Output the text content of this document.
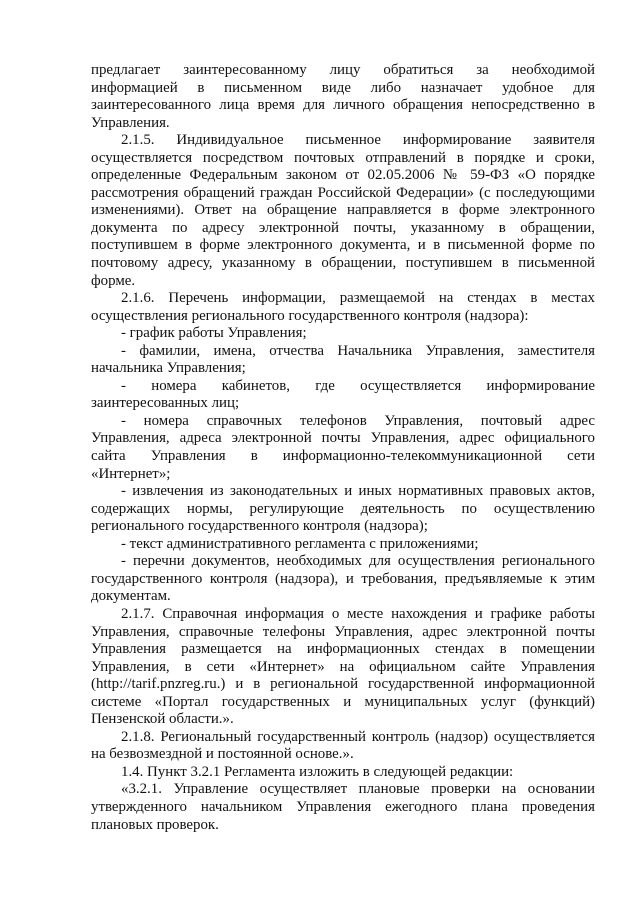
предлагает заинтересованному лицу обратиться за необходимой
информацией в письменном виде либо назначает удобное для
заинтересованного лица время для личного обращения непосредственно в
Управления.
2.1.5. Индивидуальное письменное информирование заявителя
осуществляется посредством почтовых отправлений в порядке и сроки,
определенные Федеральным законом от 02.05.2006 № 59-ФЗ «О порядке
рассмотрения обращений граждан Российской Федерации» (с последующими
изменениями). Ответ на обращение направляется в форме электронного
документа по адресу электронной почты, указанному в обращении,
поступившем в форме электронного документа, и в письменной форме по
почтовому адресу, указанному в обращении, поступившем в письменной
форме.
2.1.6. Перечень информации, размещаемой на стендах в местах
осуществления регионального государственного контроля (надзора):
- график работы Управления;
- фамилии, имена, отчества Начальника Управления, заместителя
начальника Управления;
- номера кабинетов, где осуществляется информирование
заинтересованных лиц;
- номера справочных телефонов Управления, почтовый адрес
Управления, адреса электронной почты Управления, адрес официального
сайта Управления в информационно-телекоммуникационной сети
«Интернет»;
- извлечения из законодательных и иных нормативных правовых актов,
содержащих нормы, регулирующие деятельность по осуществлению
регионального государственного контроля (надзора);
- текст административного регламента с приложениями;
- перечни документов, необходимых для осуществления регионального
государственного контроля (надзора), и требования, предъявляемые к этим
документам.
2.1.7. Справочная информация о месте нахождения и графике работы
Управления, справочные телефоны Управления, адрес электронной почты
Управления размещается на информационных стендах в помещении
Управления, в сети «Интернет» на официальном сайте Управления
(http://tarif.pnzreg.ru.) и в региональной государственной информационной
системе «Портал государственных и муниципальных услуг (функций)
Пензенской области.».
2.1.8. Региональный государственный контроль (надзор) осуществляется
на безвозмездной и постоянной основе.».
1.4. Пункт 3.2.1 Регламента изложить в следующей редакции:
«3.2.1. Управление осуществляет плановые проверки на основании
утвержденного начальником Управления ежегодного плана проведения
плановых проверок.
